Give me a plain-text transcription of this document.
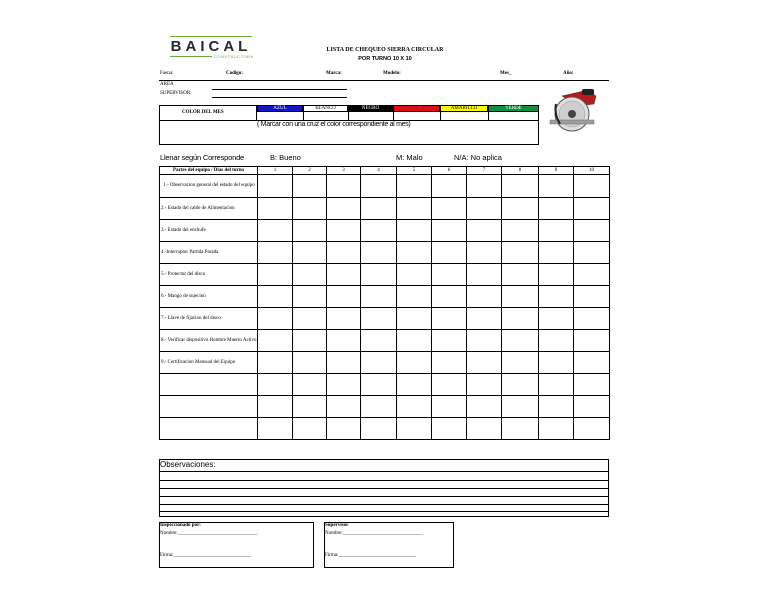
BAICAL
CONSTRUCTORA
LISTA DE CHEQUEO SIERRA CIRCULAR
POR TURNO 10 X 10
Faena:	Codigo:	Marca:	Modelo:	Mes_	Año:
AREA
SUPERVISOR:
COLOR DEL MES
AZUL	BLANCO	NEGRO	ROJO	AMARILLO	VERDE
( Marcar con una cruz el color correspondiente al mes)
Llenar según Corresponde	B: Bueno	M: Malo	N/A: No aplica
Partes del equipo / Dias del turno	1	2	3	4	5	6	7	8	9	10
1.- Observacion general del estado del equipo										
2.- Estado del cable de Alimentacion										
3.- Estado del enchufe										
4.-Interruptor Partida Parada										
5.- Protector del disco										
6.- Mango de sujecion										
7.- Llave de fijacion del disco										
8.- Verificar dispositivo Hombre Muerto Activo										
9.- Certificacion Mensual del Equipo										

Observaciones:
Inspeccionado por:
Nombre:________________________________
Firma:_______________________________
Supervisor
Nombre:________________________________
Firma:_______________________________
